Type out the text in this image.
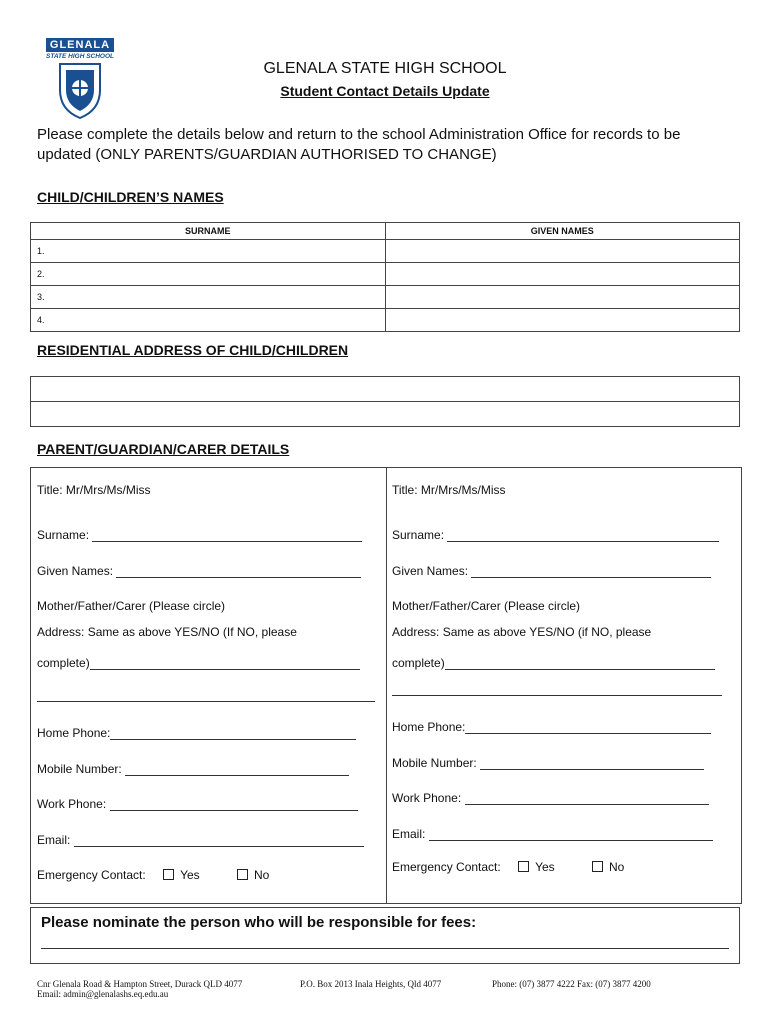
GLENALA
STATE HIGH SCHOOL
GLENALA STATE HIGH SCHOOL
Student Contact Details Update
Please complete the details below and return to the school Administration Office for records to be updated (ONLY PARENTS/GUARDIAN AUTHORISED TO CHANGE)
CHILD/CHILDREN’S NAMES
SURNAME	GIVEN NAMES
1.	
2.	
3.	
4.	
RESIDENTIAL ADDRESS OF CHILD/CHILDREN

PARENT/GUARDIAN/CARER DETAILS
Title: Mr/Mrs/Ms/Miss
Surname:
Given Names:
Mother/Father/Carer (Please circle)
Address: Same as above YES/NO (If NO, please
complete)
Home Phone:
Mobile Number:
Work Phone:
Email:
Emergency Contact:	Yes	No
Title: Mr/Mrs/Ms/Miss
Surname:
Given Names:
Mother/Father/Carer (Please circle)
Address: Same as above YES/NO (if NO, please
complete)
Home Phone:
Mobile Number:
Work Phone:
Email:
Emergency Contact:	Yes	No
Please nominate the person who will be responsible for fees:
Cnr Glenala Road & Hampton Street, Durack QLD 4077
Email: admin@glenalashs.eq.edu.au
P.O. Box 2013 Inala Heights, Qld 4077	Phone: (07) 3877 4222 Fax: (07) 3877 4200
